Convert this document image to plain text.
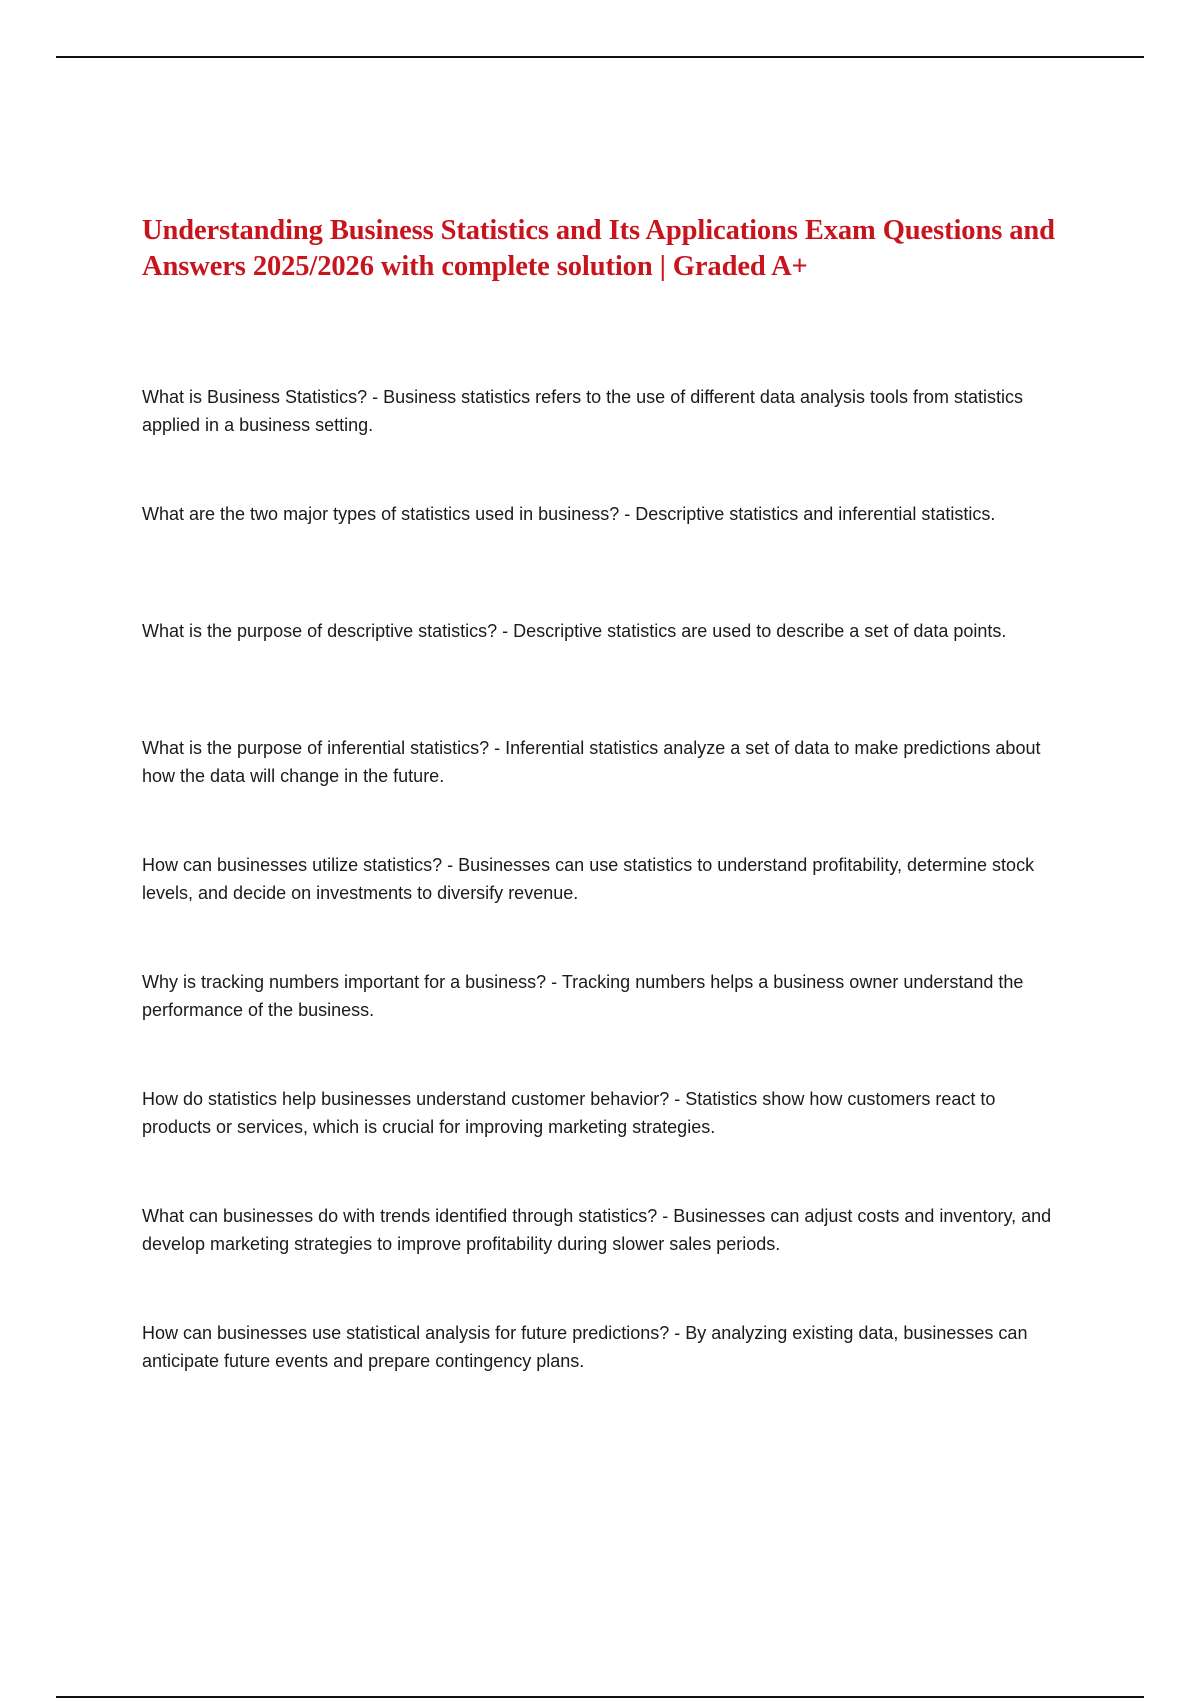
Understanding Business Statistics and Its Applications Exam Questions and Answers 2025/2026 with complete solution | Graded A+
What is Business Statistics? - Business statistics refers to the use of different data analysis tools from statistics applied in a business setting.
What are the two major types of statistics used in business? - Descriptive statistics and inferential statistics.
What is the purpose of descriptive statistics? - Descriptive statistics are used to describe a set of data points.
What is the purpose of inferential statistics? - Inferential statistics analyze a set of data to make predictions about how the data will change in the future.
How can businesses utilize statistics? - Businesses can use statistics to understand profitability, determine stock levels, and decide on investments to diversify revenue.
Why is tracking numbers important for a business? - Tracking numbers helps a business owner understand the performance of the business.
How do statistics help businesses understand customer behavior? - Statistics show how customers react to products or services, which is crucial for improving marketing strategies.
What can businesses do with trends identified through statistics? - Businesses can adjust costs and inventory, and develop marketing strategies to improve profitability during slower sales periods.
How can businesses use statistical analysis for future predictions? - By analyzing existing data, businesses can anticipate future events and prepare contingency plans.
